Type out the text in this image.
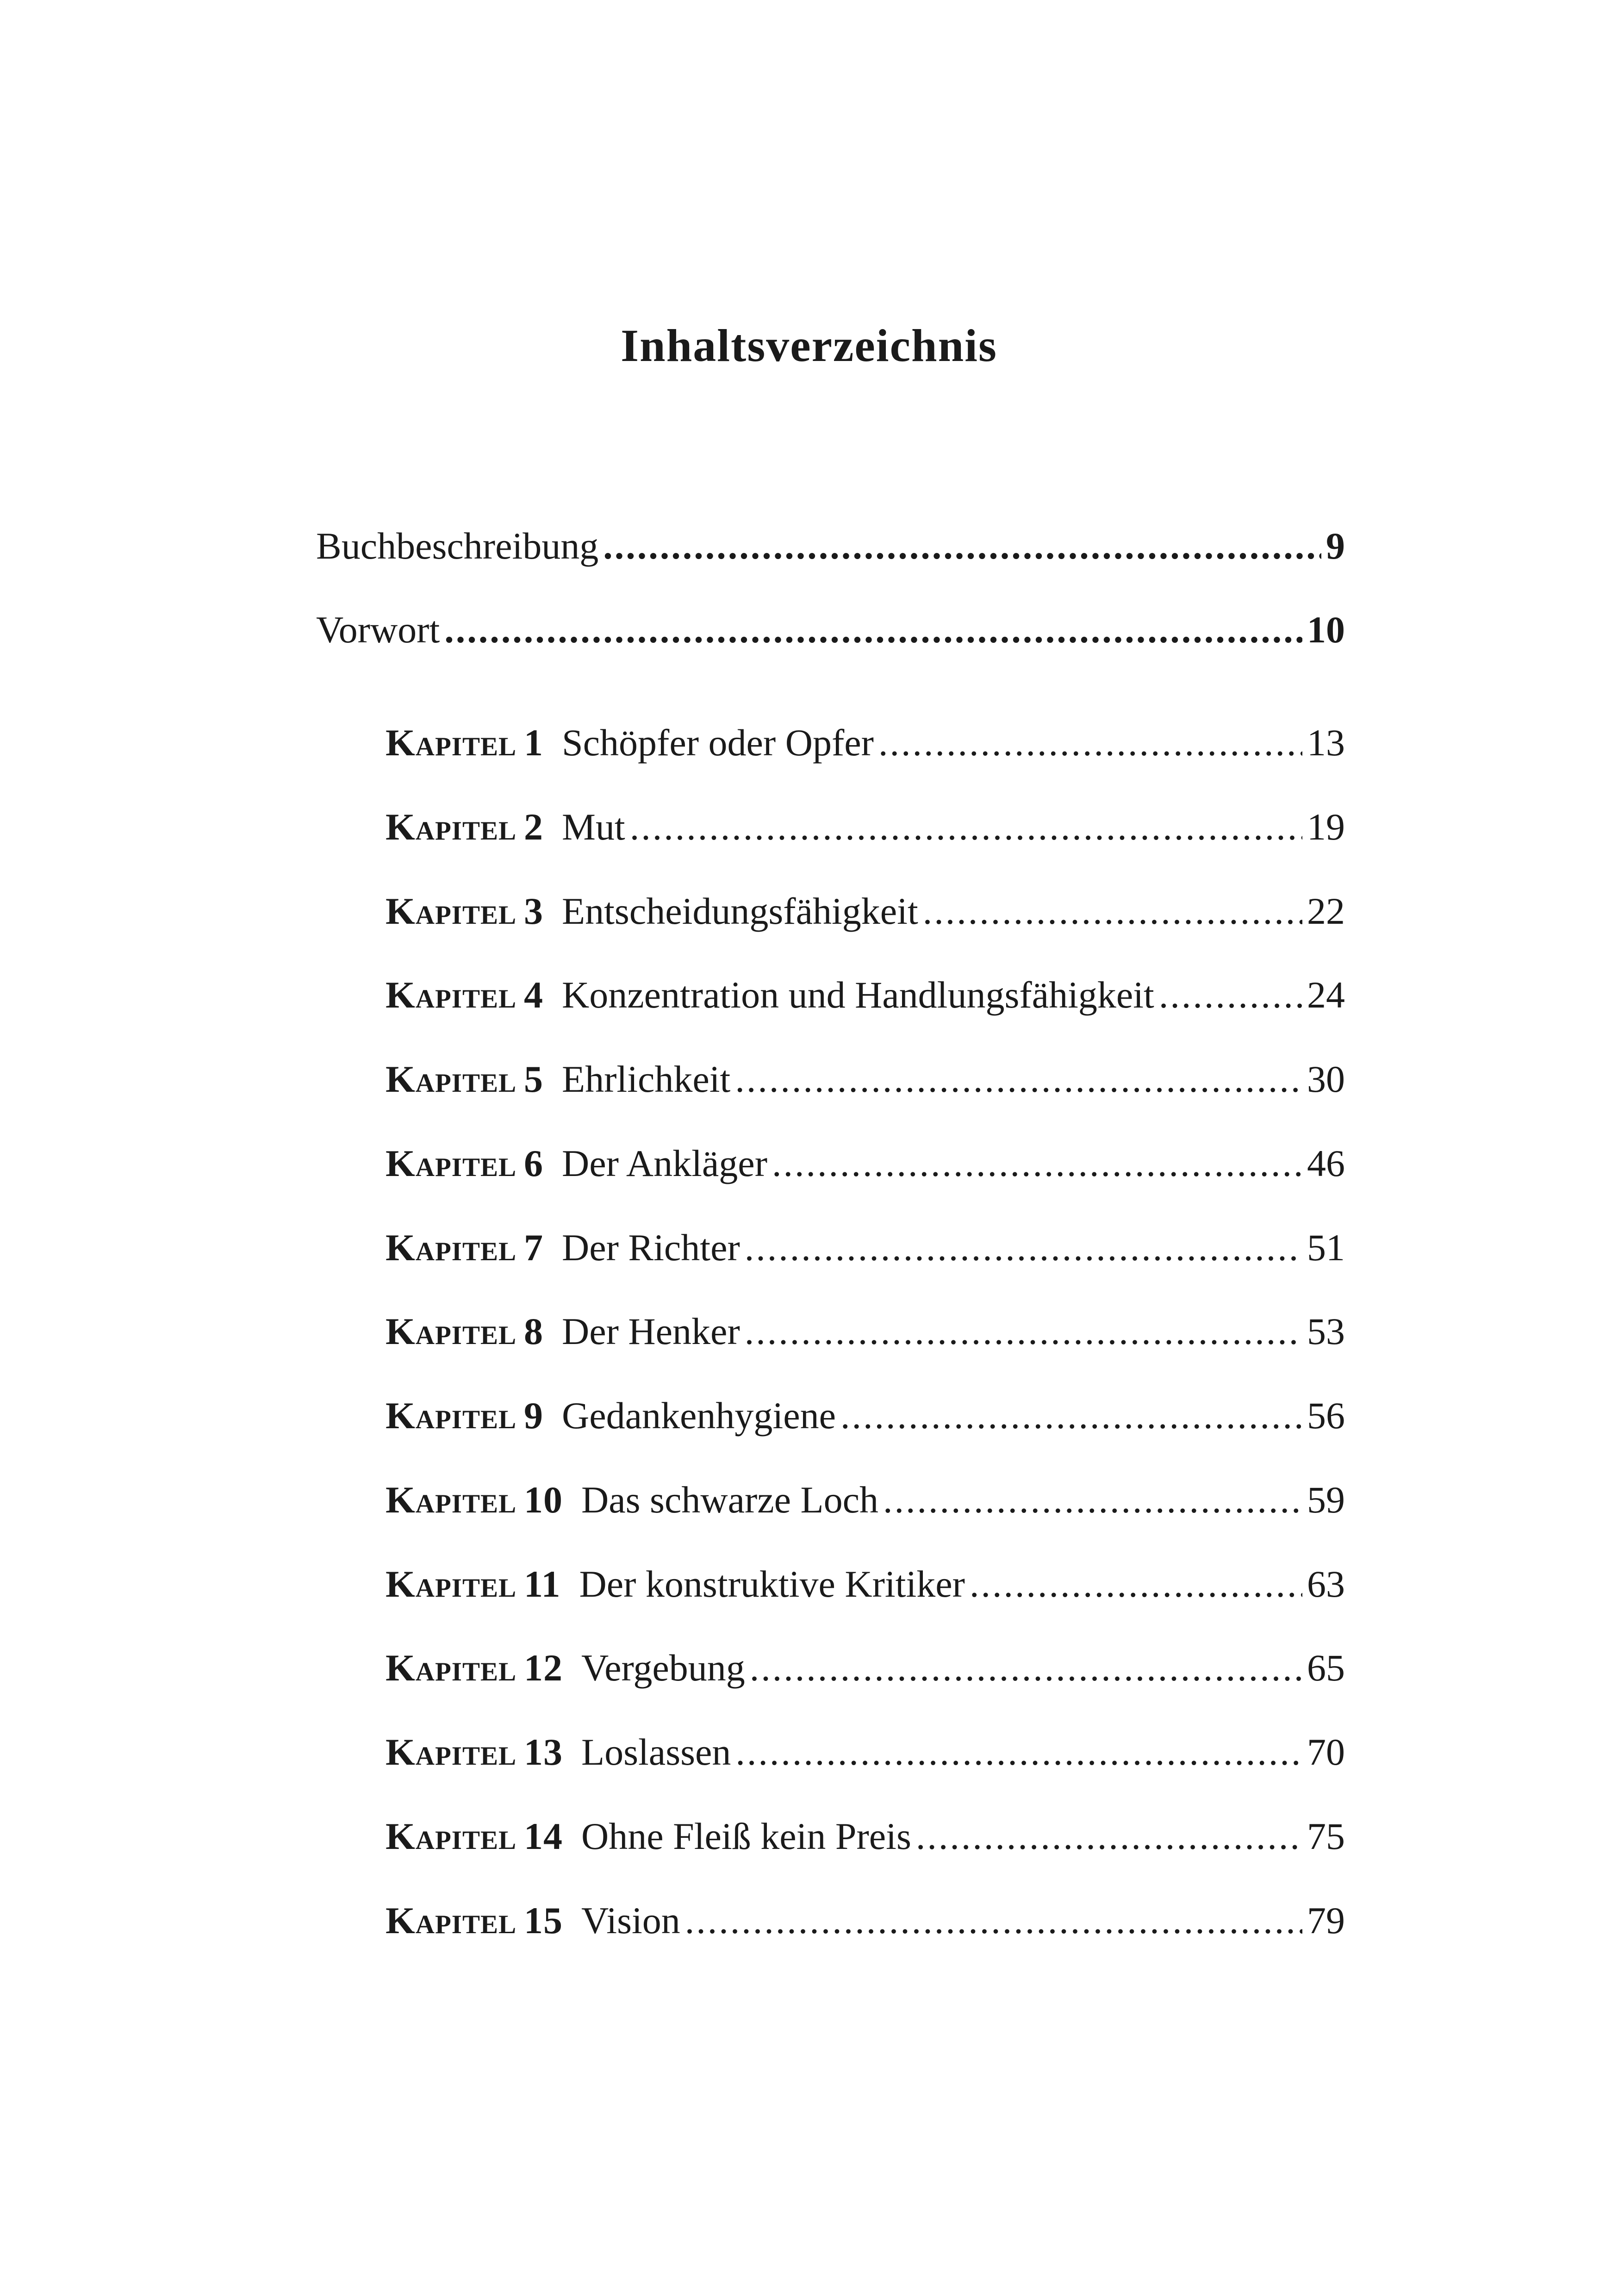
Inhaltsverzeichnis
Buchbeschreibung .....	9
Vorwort .....	10
Kapitel 1 Schöpfer oder Opfer .....	13
Kapitel 2 Mut .....	19
Kapitel 3 Entscheidungsfähigkeit .....	22
Kapitel 4 Konzentration und Handlungsfähigkeit .....	24
Kapitel 5 Ehrlichkeit .....	30
Kapitel 6 Der Ankläger .....	46
Kapitel 7 Der Richter .....	51
Kapitel 8 Der Henker .....	53
Kapitel 9 Gedankenhygiene .....	56
Kapitel 10 Das schwarze Loch .....	59
Kapitel 11 Der konstruktive Kritiker .....	63
Kapitel 12 Vergebung .....	65
Kapitel 13 Loslassen .....	70
Kapitel 14 Ohne Fleiß kein Preis .....	75
Kapitel 15 Vision .....	79
